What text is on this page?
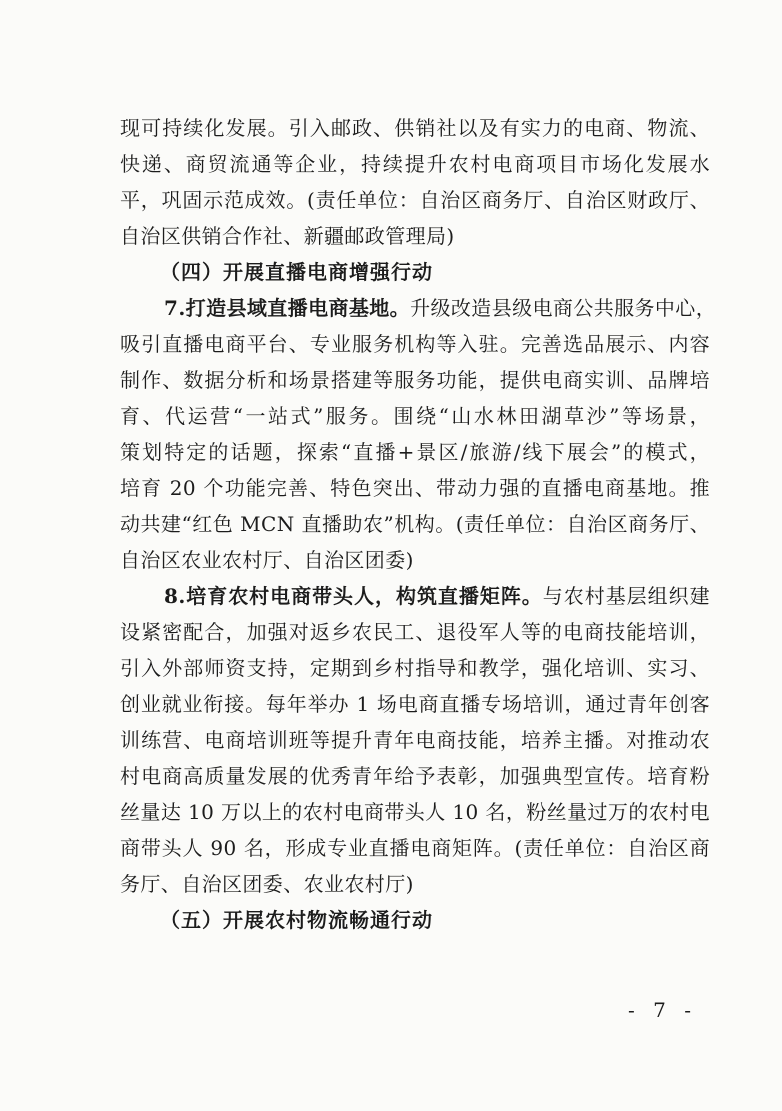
现可持续化发展。引入邮政、供销社以及有实力的电商、物流、
快递、商贸流通等企业，持续提升农村电商项目市场化发展水
平，巩固示范成效。(责任单位：自治区商务厅、自治区财政厅、
自治区供销合作社、新疆邮政管理局)
（四）开展直播电商增强行动
7.打造县域直播电商基地。升级改造县级电商公共服务中心，
吸引直播电商平台、专业服务机构等入驻。完善选品展示、内容
制作、数据分析和场景搭建等服务功能，提供电商实训、品牌培
育、代运营“一站式”服务。围绕“山水林田湖草沙”等场景，
策划特定的话题，探索“直播+景区/旅游/线下展会”的模式，
培育 20 个功能完善、特色突出、带动力强的直播电商基地。推
动共建“红色 MCN 直播助农”机构。(责任单位：自治区商务厅、
自治区农业农村厅、自治区团委)
8.培育农村电商带头人，构筑直播矩阵。与农村基层组织建
设紧密配合，加强对返乡农民工、退役军人等的电商技能培训，
引入外部师资支持，定期到乡村指导和教学，强化培训、实习、
创业就业衔接。每年举办 1 场电商直播专场培训，通过青年创客
训练营、电商培训班等提升青年电商技能，培养主播。对推动农
村电商高质量发展的优秀青年给予表彰，加强典型宣传。培育粉
丝量达 10 万以上的农村电商带头人 10 名，粉丝量过万的农村电
商带头人 90 名，形成专业直播电商矩阵。(责任单位：自治区商
务厅、自治区团委、农业农村厅)
（五）开展农村物流畅通行动
- 7 -
